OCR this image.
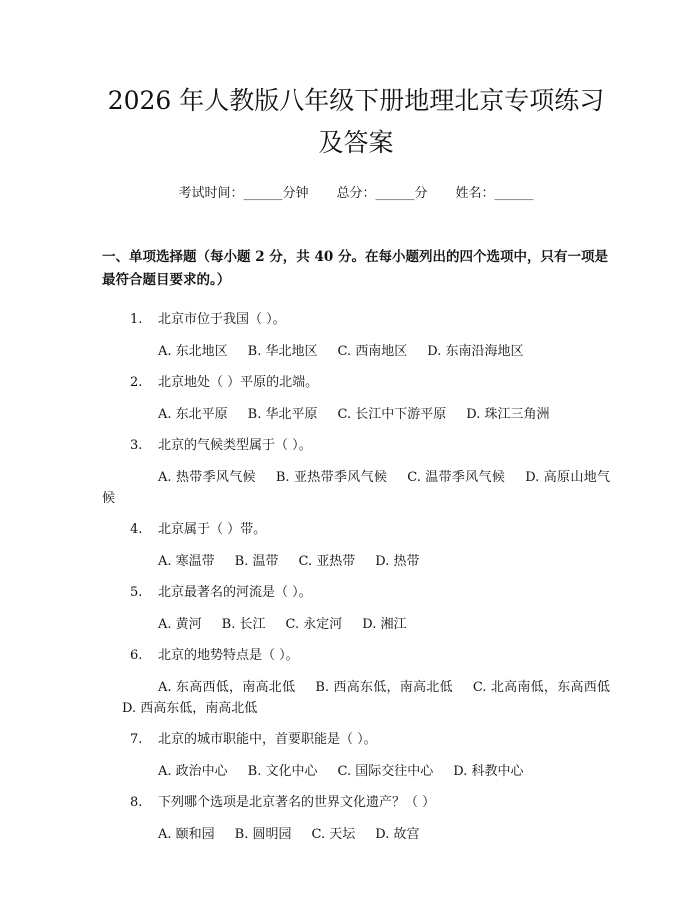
2026 年人教版八年级下册地理北京专项练习及答案
考试时间：______分钟 总分：______分 姓名：______
一、单项选择题（每小题 2 分，共 40 分。在每小题列出的四个选项中，只有一项是最符合题目要求的。）
1.	北京市位于我国（ ）。
A. 东北地区 B. 华北地区 C. 西南地区 D. 东南沿海地区
2.	北京地处（ ）平原的北端。
A. 东北平原 B. 华北平原 C. 长江中下游平原 D. 珠江三角洲
3.	北京的气候类型属于（ ）。
A. 热带季风气候 B. 亚热带季风气候 C. 温带季风气候 D. 高原山地气候
4.	北京属于（ ）带。
A. 寒温带 B. 温带 C. 亚热带 D. 热带
5.	北京最著名的河流是（ ）。
A. 黄河 B. 长江 C. 永定河 D. 湘江
6.	北京的地势特点是（ ）。
A. 东高西低，南高北低 B. 西高东低，南高北低 C. 北高南低，东高西低D. 西高东低，南高北低
7.	北京的城市职能中，首要职能是（ ）。
A. 政治中心 B. 文化中心 C. 国际交往中心 D. 科教中心
8.	下列哪个选项是北京著名的世界文化遗产？（ ）
A. 颐和园 B. 圆明园 C. 天坛 D. 故宫
